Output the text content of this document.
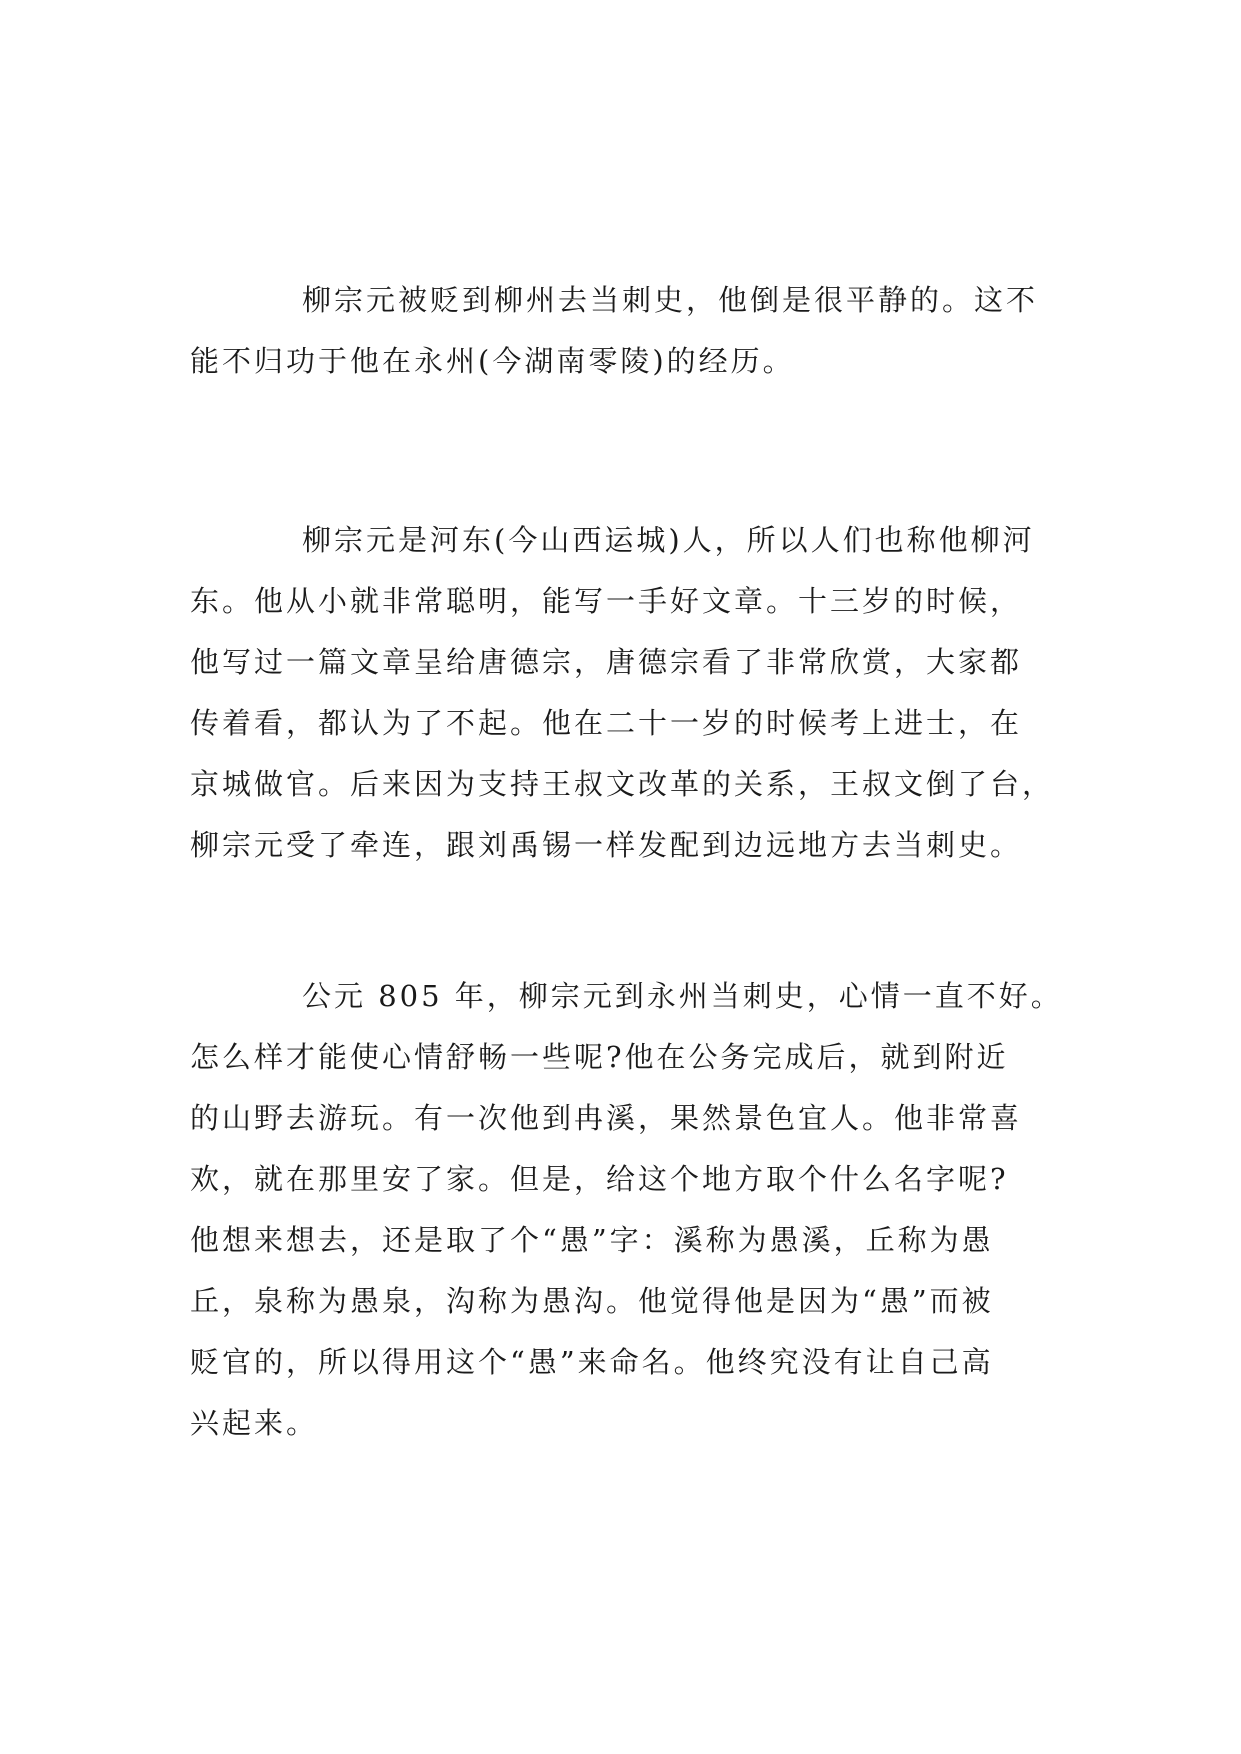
柳宗元被贬到柳州去当刺史，他倒是很平静的。这不
能不归功于他在永州(今湖南零陵)的经历。

柳宗元是河东(今山西运城)人，所以人们也称他柳河
东。他从小就非常聪明，能写一手好文章。十三岁的时候，
他写过一篇文章呈给唐德宗，唐德宗看了非常欣赏，大家都
传着看，都认为了不起。他在二十一岁的时候考上进士，在
京城做官。后来因为支持王叔文改革的关系，王叔文倒了台，
柳宗元受了牵连，跟刘禹锡一样发配到边远地方去当刺史。

公元 805 年，柳宗元到永州当刺史，心情一直不好。
怎么样才能使心情舒畅一些呢?他在公务完成后，就到附近
的山野去游玩。有一次他到冉溪，果然景色宜人。他非常喜
欢，就在那里安了家。但是，给这个地方取个什么名字呢?
他想来想去，还是取了个“愚”字：溪称为愚溪，丘称为愚
丘，泉称为愚泉，沟称为愚沟。他觉得他是因为“愚”而被
贬官的，所以得用这个“愚”来命名。他终究没有让自己高
兴起来。
